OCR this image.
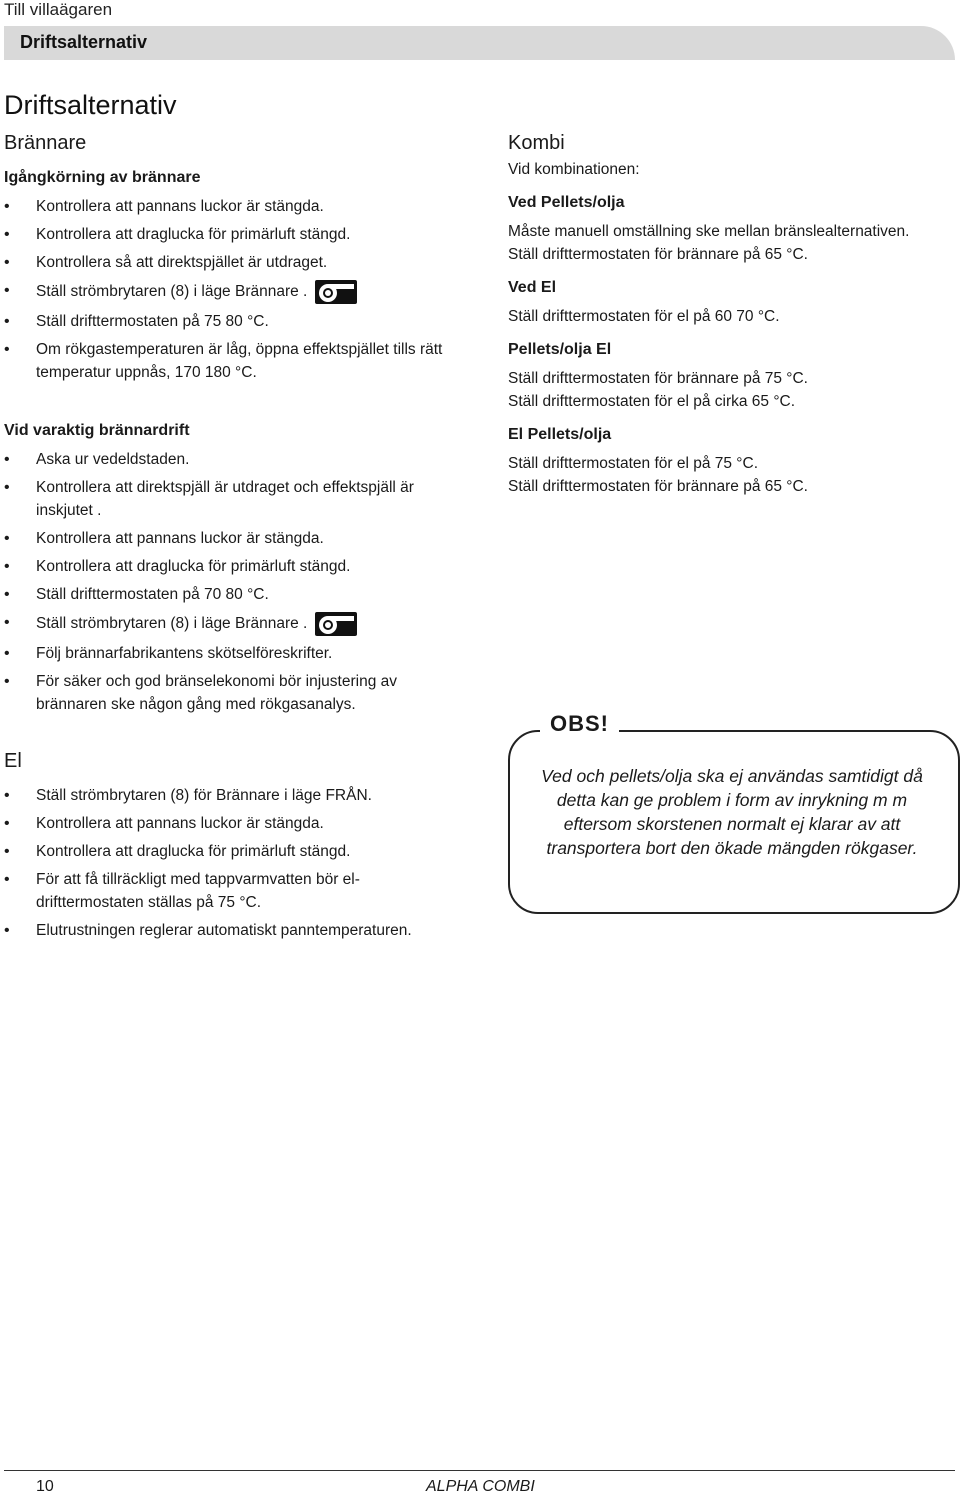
Till villaägaren
Driftsalternativ
Driftsalternativ
Brännare
Igångkörning av brännare
• Kontrollera att pannans luckor är stängda.
• Kontrollera att draglucka för primärluft stängd.
• Kontrollera så att direktspjället är utdraget.
• Ställ strömbrytaren (8) i läge Brännare .
• Ställ drifttermostaten på 75 80 °C.
• Om rökgastemperaturen är låg, öppna effektspjället tills rätt temperatur uppnås, 170 180 °C.
Vid varaktig brännardrift
• Aska ur vedeldstaden.
• Kontrollera att direktspjäll är utdraget och effektspjäll är inskjutet .
• Kontrollera att pannans luckor är stängda.
• Kontrollera att draglucka för primärluft stängd.
• Ställ drifttermostaten på 70 80 °C.
• Ställ strömbrytaren (8) i läge Brännare .
• Följ brännarfabrikantens skötselföreskrifter.
• För säker och god bränselekonomi bör injustering av brännaren ske någon gång med rökgasanalys.
El
• Ställ strömbrytaren (8) för Brännare i läge FRÅN.
• Kontrollera att pannans luckor är stängda.
• Kontrollera att draglucka för primärluft stängd.
• För att få tillräckligt med tappvarmvatten bör el-drifttermostaten ställas på 75 °C.
• Elutrustningen reglerar automatiskt panntemperaturen.
Kombi

Vid kombinationen:

Ved Pellets/olja

Måste manuell omställning ske mellan bränslealternativen.

Ställ drifttermostaten för brännare på 65 °C.

Ved El

Ställ drifttermostaten för el på 60 70 °C.

Pellets/olja El

Ställ drifttermostaten för brännare på 75 °C.

Ställ drifttermostaten för el på cirka 65 °C.

El Pellets/olja

Ställ drifttermostaten för el på 75 °C.

Ställ drifttermostaten för brännare på 65 °C.

OBS!
Ved och pellets/olja ska ej användas samtidigt då detta kan ge problem i form av inrykning m m eftersom skorstenen normalt ej klarar av att transportera bort den ökade mängden rökgaser.
10	ALPHA COMBI
